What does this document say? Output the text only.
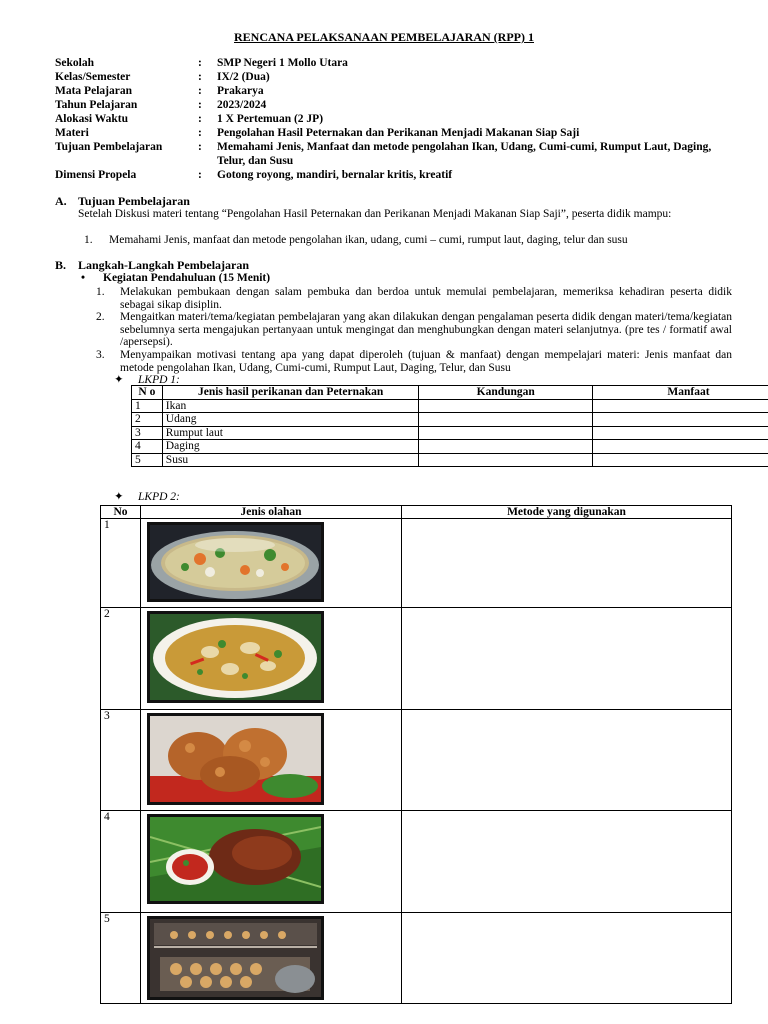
RENCANA PELAKSANAAN PEMBELAJARAN (RPP) 1
Sekolah	:	SMP Negeri 1 Mollo Utara
Kelas/Semester	:	IX/2 (Dua)
Mata Pelajaran	:	Prakarya
Tahun Pelajaran	:	2023/2024
Alokasi Waktu	:	1 X Pertemuan (2 JP)
Materi	:	Pengolahan Hasil Peternakan dan Perikanan Menjadi Makanan Siap Saji
Tujuan Pembelajaran	:	Memahami Jenis, Manfaat dan metode pengolahan Ikan, Udang, Cumi-cumi, Rumput Laut, Daging, Telur, dan Susu
Dimensi Propela	:	Gotong royong, mandiri, bernalar kritis, kreatif
A. Tujuan Pembelajaran
Setelah Diskusi materi tentang “Pengolahan Hasil Peternakan dan Perikanan Menjadi Makanan Siap Saji”, peserta didik mampu:
1. Memahami Jenis, manfaat dan metode pengolahan ikan, udang, cumi – cumi, rumput laut, daging, telur dan susu
B. Langkah-Langkah Pembelajaran
• Kegiatan Pendahuluan (15 Menit)
1.	Melakukan pembukaan dengan salam pembuka dan berdoa untuk memulai pembelajaran, memeriksa kehadiran peserta didik sebagai sikap disiplin.
2.	Mengaitkan materi/tema/kegiatan pembelajaran yang akan dilakukan dengan pengalaman peserta didik dengan materi/tema/kegiatan sebelumnya serta mengajukan pertanyaan untuk mengingat dan menghubungkan dengan materi selanjutnya. (pre tes / formatif awal /apersepsi).
3.	Menyampaikan motivasi tentang apa yang dapat diperoleh (tujuan & manfaat) dengan mempelajari materi: Jenis manfaat dan metode pengolahan Ikan, Udang, Cumi-cumi, Rumput Laut, Daging, Telur, dan Susu
✦ LKPD 1:
N o	Jenis hasil perikanan dan Peternakan	Kandungan	Manfaat
1	Ikan		
2	Udang		
3	Rumput laut		
4	Daging		
5	Susu		
✦ LKPD 2:
No	Jenis olahan	Metode yang digunakan
1	

2	

3	

4	

5	
